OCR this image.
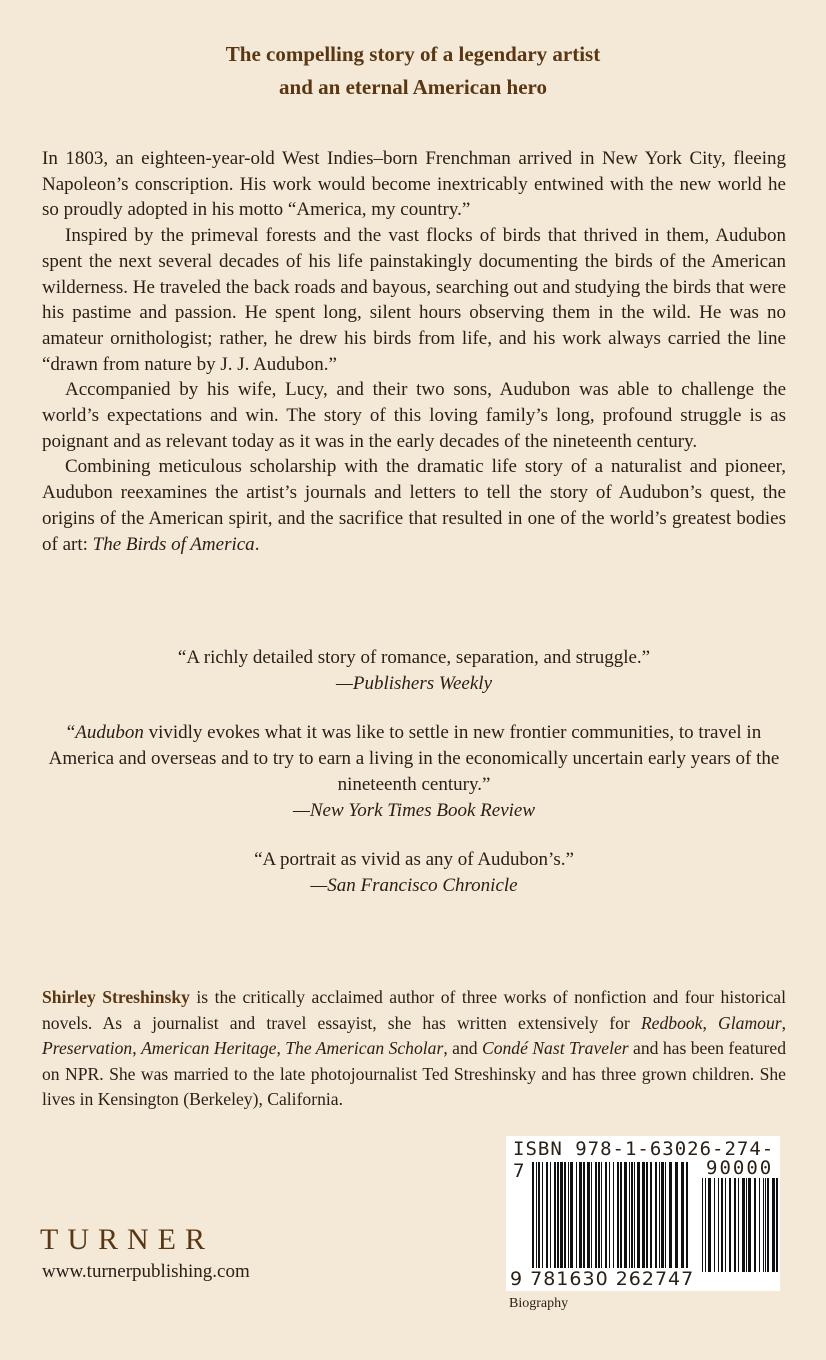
The compelling story of a legendary artist
and an eternal American hero

In 1803, an eighteen-year-old West Indies–born Frenchman arrived in New York City, fleeing Napoleon’s conscription. His work would become inextricably entwined with the new world he so proudly adopted in his motto “America, my country.”

Inspired by the primeval forests and the vast flocks of birds that thrived in them, Audubon spent the next several decades of his life painstakingly documenting the birds of the American wilderness. He traveled the back roads and bayous, searching out and studying the birds that were his pastime and passion. He spent long, silent hours observing them in the wild. He was no amateur ornithologist; rather, he drew his birds from life, and his work always carried the line “drawn from nature by J. J. Audubon.”

Accompanied by his wife, Lucy, and their two sons, Audubon was able to challenge the world’s expectations and win. The story of this loving family’s long, profound struggle is as poignant and as relevant today as it was in the early decades of the nineteenth century.

Combining meticulous scholarship with the dramatic life story of a naturalist and pioneer, Audubon reexamines the artist’s journals and letters to tell the story of Audubon’s quest, the origins of the American spirit, and the sacrifice that resulted in one of the world’s greatest bodies of art: The Birds of America.

“A richly detailed story of romance, separation, and struggle.”
—Publishers Weekly
“Audubon vividly evokes what it was like to settle in new frontier communities, to travel in America and overseas and to try to earn a living in the economically uncertain early years of the nineteenth century.”
—New York Times Book Review
“A portrait as vivid as any of Audubon’s.”
—San Francisco Chronicle
Shirley Streshinsky is the critically acclaimed author of three works of nonfiction and four historical novels. As a journalist and travel essayist, she has written extensively for Redbook, Glamour, Preservation, American Heritage, The American Scholar, and Condé Nast Traveler and has been featured on NPR. She was married to the late photojournalist Ted Streshinsky and has three grown children. She lives in Kensington (Berkeley), California.
TURNER
www.turnerpublishing.com
ISBN 978-1-63026-274-7	90000
9 781630 262747
Biography
